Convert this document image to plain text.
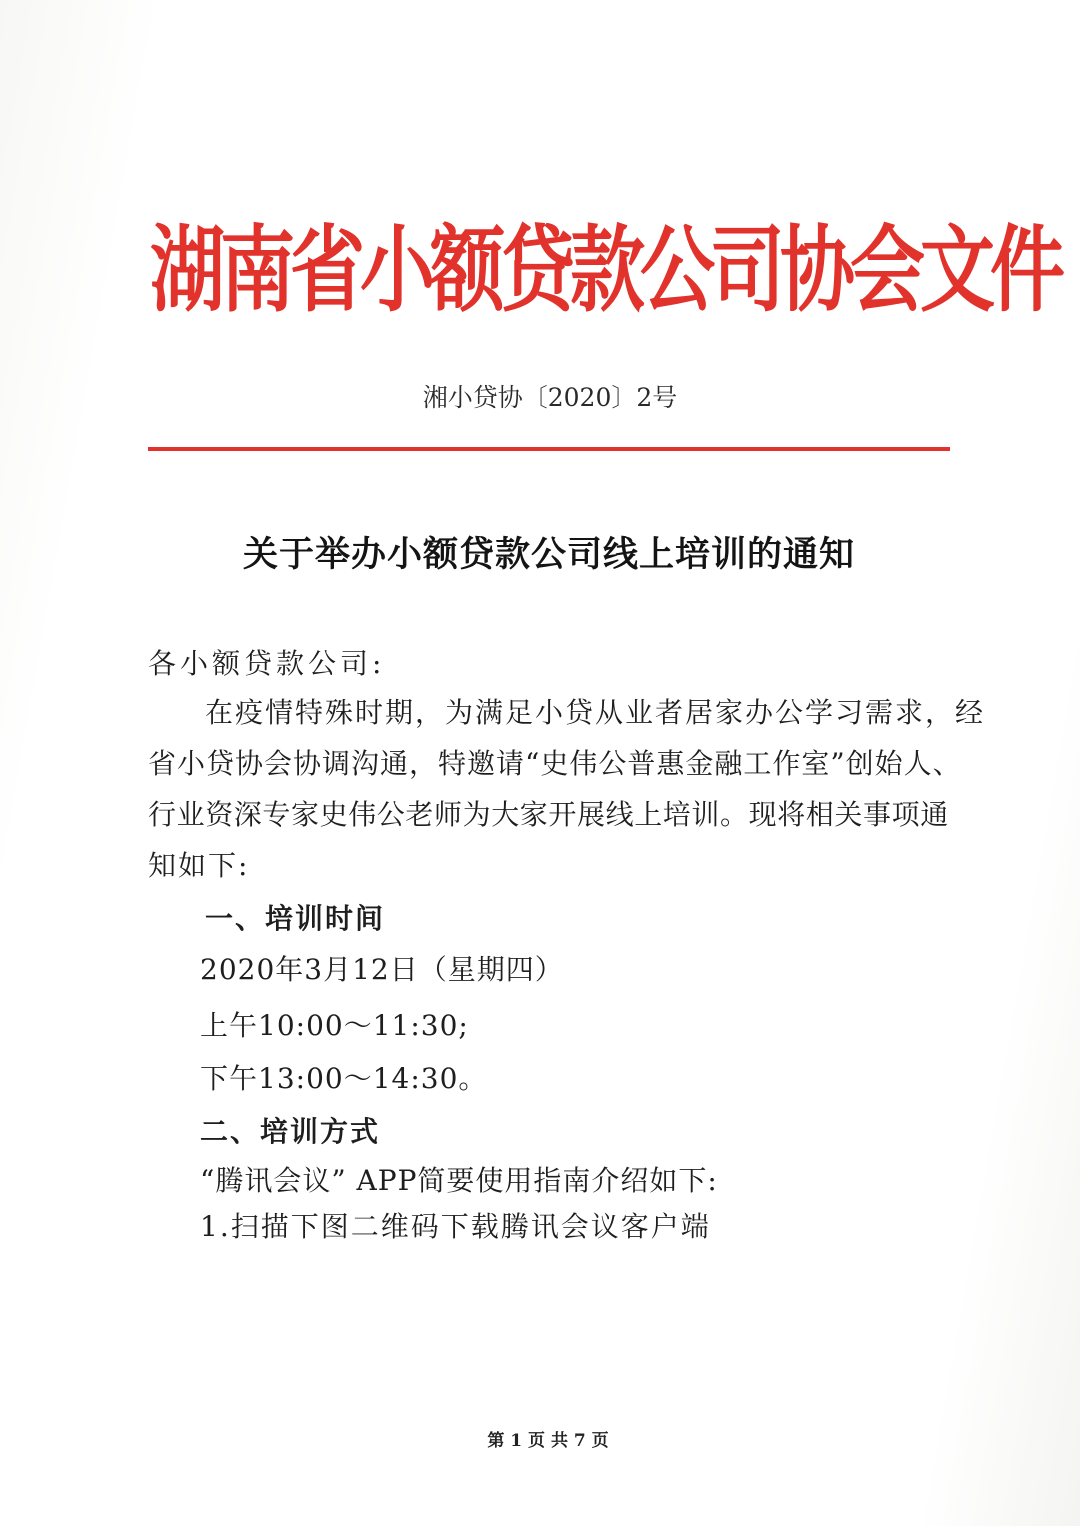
湖南省小额贷款公司协会文件
湘小贷协〔2020〕2号
关于举办小额贷款公司线上培训的通知
各小额贷款公司:
在疫情特殊时期，为满足小贷从业者居家办公学习需求，经
省小贷协会协调沟通，特邀请“史伟公普惠金融工作室”创始人、
行业资深专家史伟公老师为大家开展线上培训。现将相关事项通
知如下:
一、培训时间
2020年3月12日（星期四）
上午10:00～11:30;
下午13:00～14:30。
二、培训方式
“腾讯会议” APP简要使用指南介绍如下:
1.扫描下图二维码下载腾讯会议客户端
第 1 页 共 7 页
